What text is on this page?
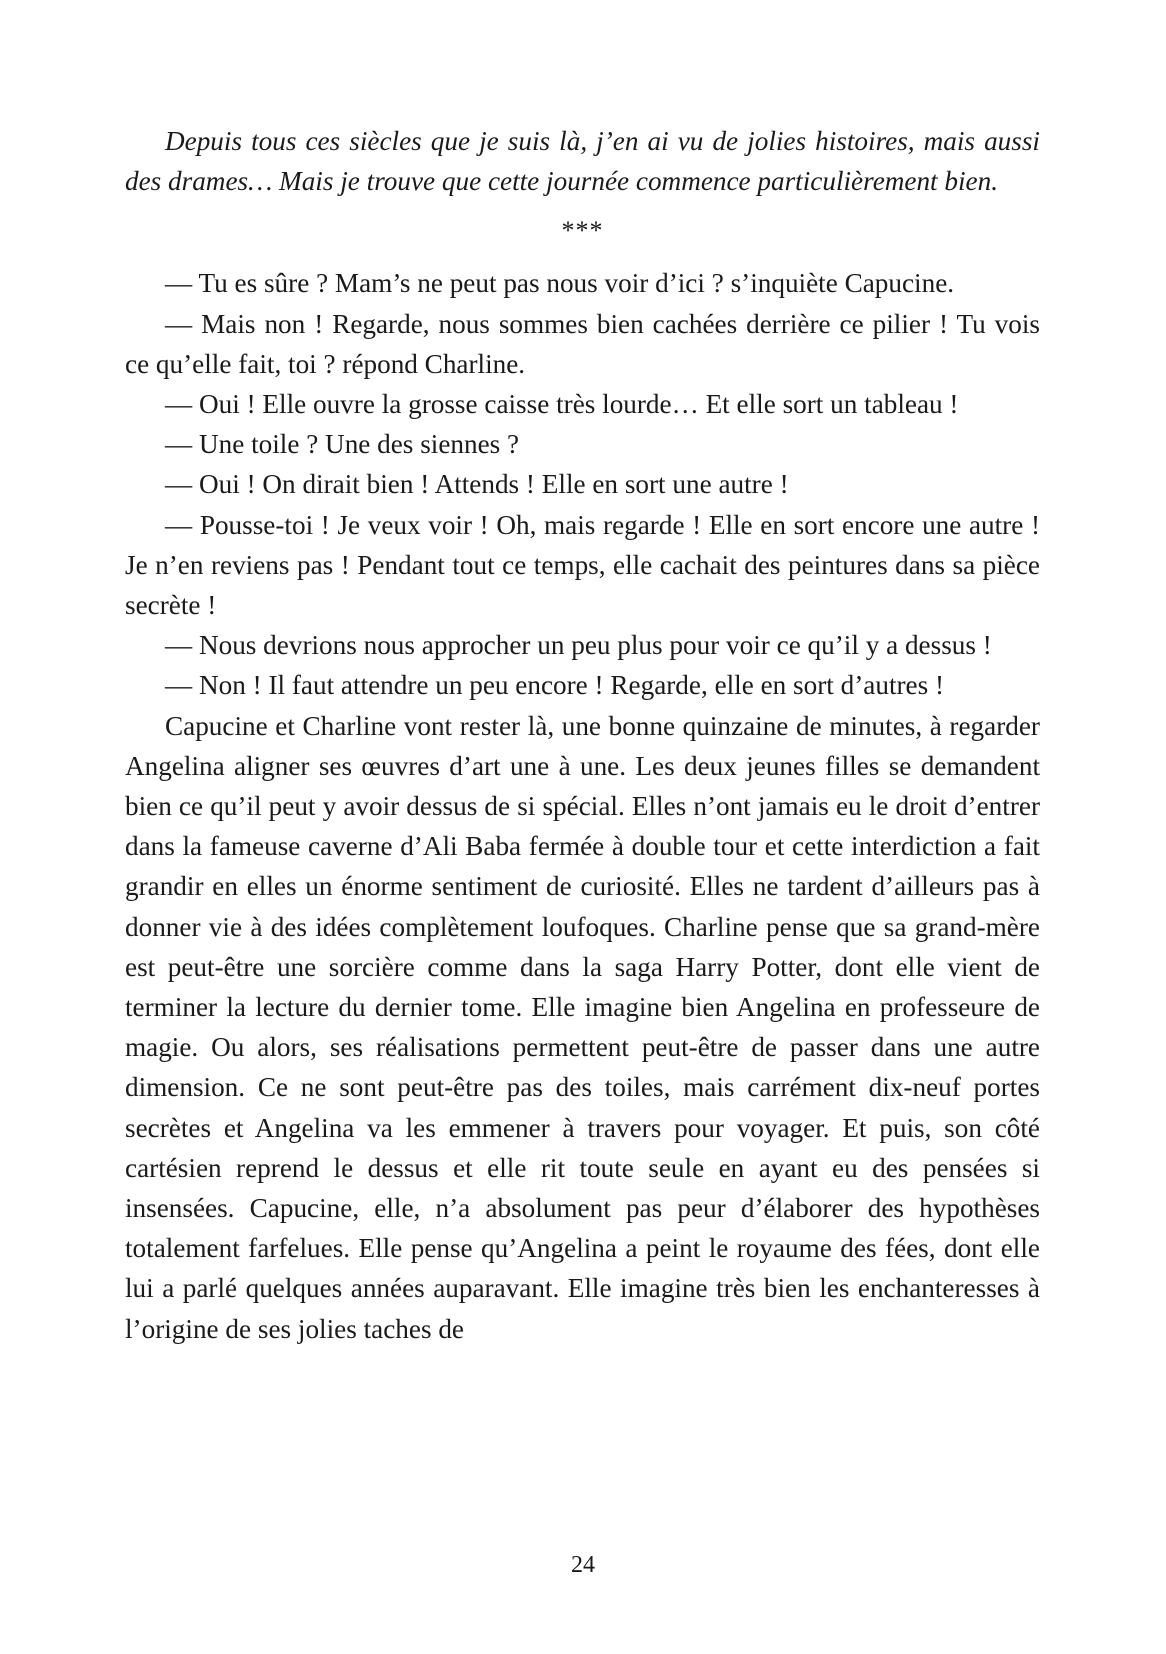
Depuis tous ces siècles que je suis là, j’en ai vu de jolies histoires, mais aussi des drames… Mais je trouve que cette journée commence particulièrement bien.

***

— Tu es sûre ? Mam’s ne peut pas nous voir d’ici ? s’inquiète Capucine.

— Mais non ! Regarde, nous sommes bien cachées derrière ce pilier ! Tu vois ce qu’elle fait, toi ? répond Charline.

— Oui ! Elle ouvre la grosse caisse très lourde… Et elle sort un tableau !

— Une toile ? Une des siennes ?

— Oui ! On dirait bien ! Attends ! Elle en sort une autre !

— Pousse-toi ! Je veux voir ! Oh, mais regarde ! Elle en sort encore une autre ! Je n’en reviens pas ! Pendant tout ce temps, elle cachait des peintures dans sa pièce secrète !

— Nous devrions nous approcher un peu plus pour voir ce qu’il y a dessus !

— Non ! Il faut attendre un peu encore ! Regarde, elle en sort d’autres !

Capucine et Charline vont rester là, une bonne quinzaine de minutes, à regarder Angelina aligner ses œuvres d’art une à une. Les deux jeunes filles se demandent bien ce qu’il peut y avoir dessus de si spécial. Elles n’ont jamais eu le droit d’entrer dans la fameuse caverne d’Ali Baba fermée à double tour et cette interdiction a fait grandir en elles un énorme sentiment de curiosité. Elles ne tardent d’ailleurs pas à donner vie à des idées complètement loufoques. Charline pense que sa grand-mère est peut-être une sorcière comme dans la saga Harry Potter, dont elle vient de terminer la lecture du dernier tome. Elle imagine bien Angelina en professeure de magie. Ou alors, ses réalisations permettent peut-être de passer dans une autre dimension. Ce ne sont peut-être pas des toiles, mais carrément dix-neuf portes secrètes et Angelina va les emmener à travers pour voyager. Et puis, son côté cartésien reprend le dessus et elle rit toute seule en ayant eu des pensées si insensées. Capucine, elle, n’a absolument pas peur d’élaborer des hypothèses totalement farfelues. Elle pense qu’Angelina a peint le royaume des fées, dont elle lui a parlé quelques années auparavant. Elle imagine très bien les enchanteresses à l’origine de ses jolies taches de

24
